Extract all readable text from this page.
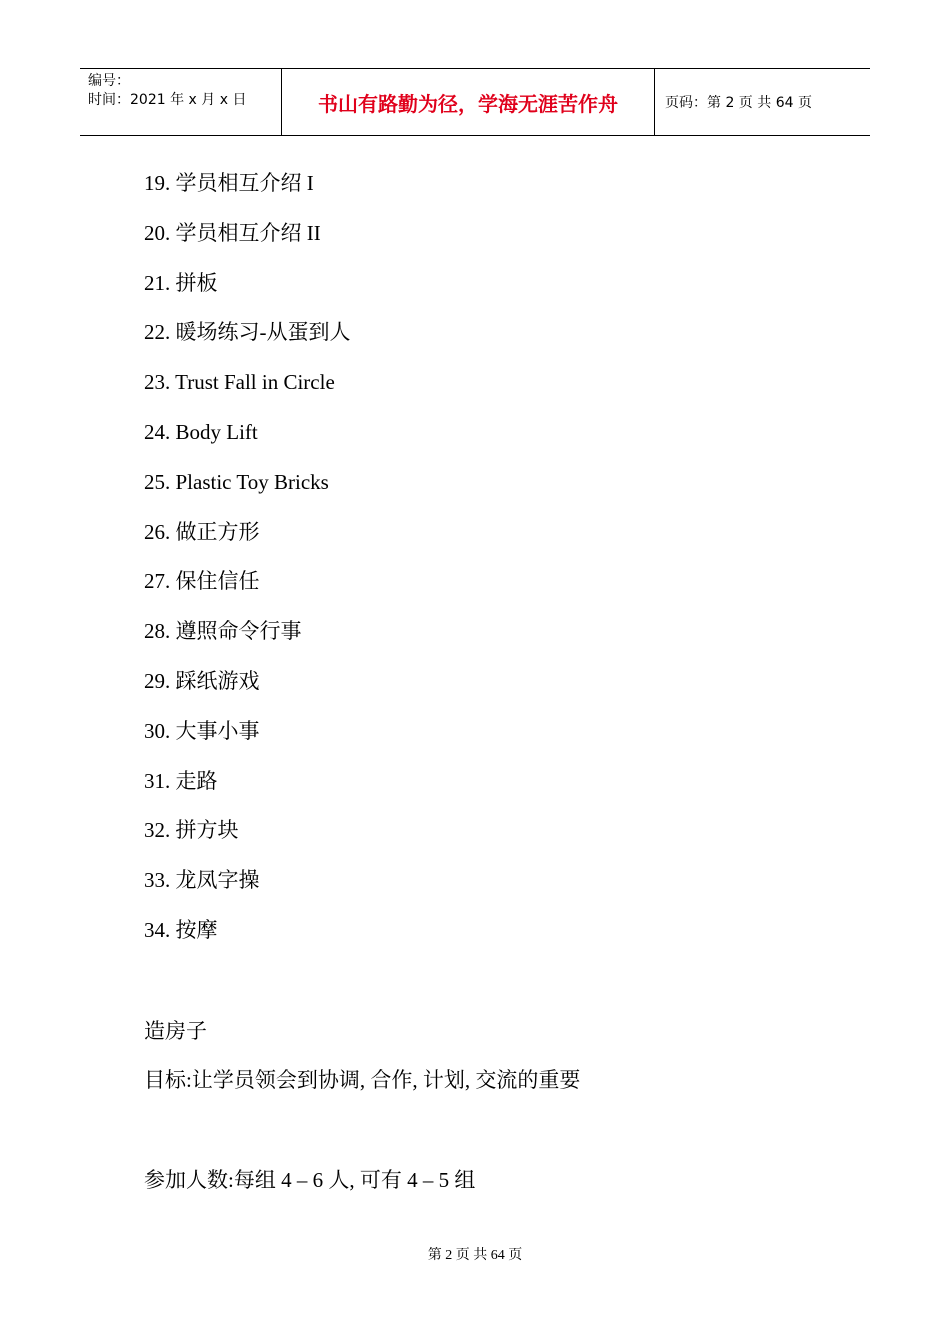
编号：
时间：2021 年 x 月 x 日	书山有路勤为径，学海无涯苦作舟	页码：第 2 页 共 64 页
19. 学员相互介绍 I
20. 学员相互介绍 II
21. 拼板
22. 暖场练习-从蛋到人
23. Trust Fall in Circle
24. Body Lift
25. Plastic Toy Bricks
26. 做正方形
27. 保住信任
28. 遵照命令行事
29. 踩纸游戏
30. 大事小事
31. 走路
32. 拼方块
33. 龙凤字操
34. 按摩

造房子

目标:让学员领会到协调, 合作, 计划, 交流的重要

参加人数:每组 4 – 6 人, 可有 4 – 5 组

第 2 页 共 64 页
